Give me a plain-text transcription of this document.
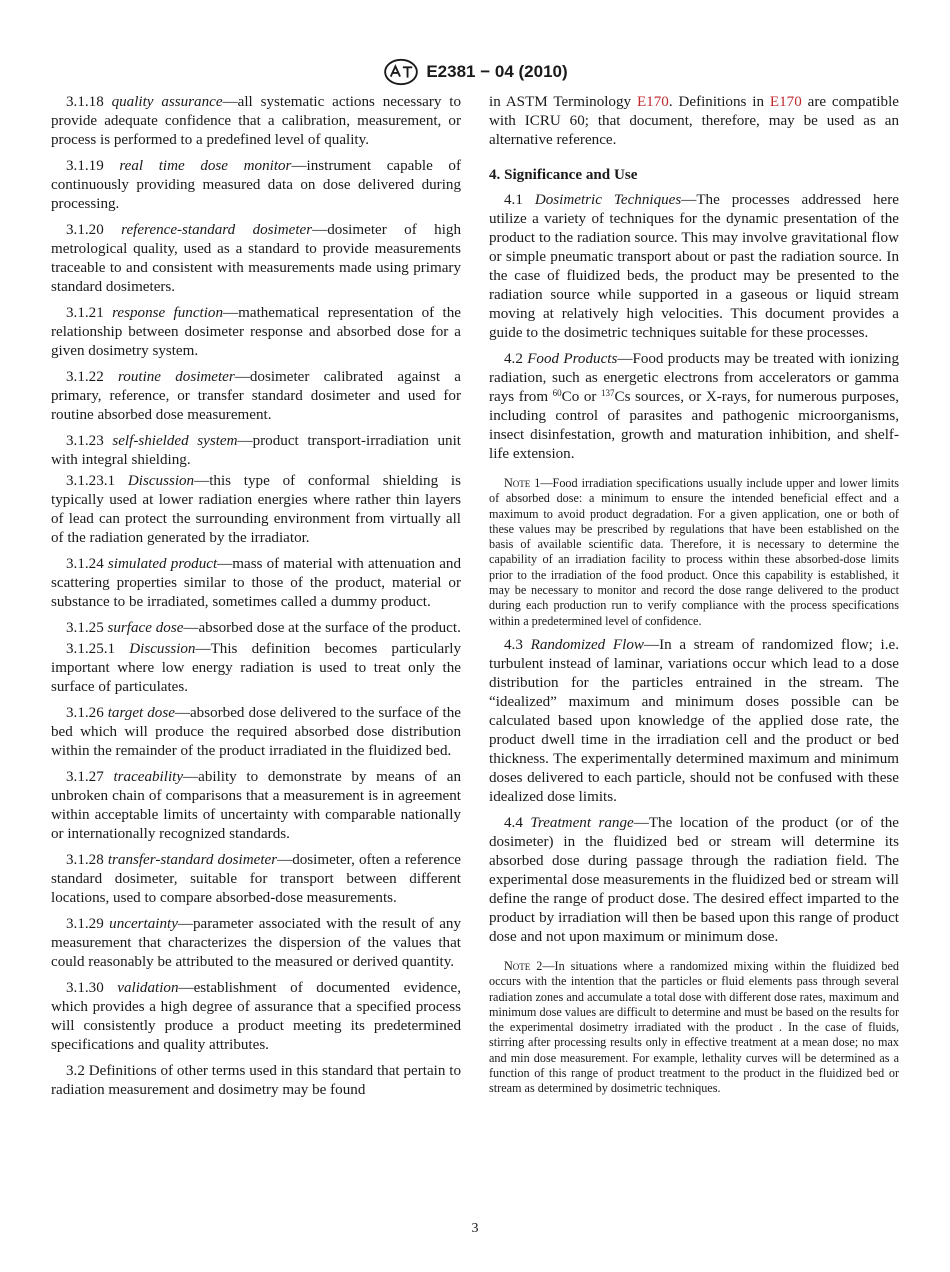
E2381 − 04 (2010)

3.1.18 quality assurance—all systematic actions necessary to provide adequate confidence that a calibration, measurement, or process is performed to a predefined level of quality.

3.1.19 real time dose monitor—instrument capable of continuously providing measured data on dose delivered during processing.

3.1.20 reference-standard dosimeter—dosimeter of high metrological quality, used as a standard to provide measurements traceable to and consistent with measurements made using primary standard dosimeters.

3.1.21 response function—mathematical representation of the relationship between dosimeter response and absorbed dose for a given dosimetry system.

3.1.22 routine dosimeter—dosimeter calibrated against a primary, reference, or transfer standard dosimeter and used for routine absorbed dose measurement.

3.1.23 self-shielded system—product transport-irradiation unit with integral shielding.

3.1.23.1 Discussion—this type of conformal shielding is typically used at lower radiation energies where rather thin layers of lead can protect the surrounding environment from virtually all of the radiation generated by the irradiator.

3.1.24 simulated product—mass of material with attenuation and scattering properties similar to those of the product, material or substance to be irradiated, sometimes called a dummy product.

3.1.25 surface dose—absorbed dose at the surface of the product.

3.1.25.1 Discussion—This definition becomes particularly important where low energy radiation is used to treat only the surface of particulates.

3.1.26 target dose—absorbed dose delivered to the surface of the bed which will produce the required absorbed dose distribution within the remainder of the product irradiated in the fluidized bed.

3.1.27 traceability—ability to demonstrate by means of an unbroken chain of comparisons that a measurement is in agreement within acceptable limits of uncertainty with comparable nationally or internationally recognized standards.

3.1.28 transfer-standard dosimeter—dosimeter, often a reference standard dosimeter, suitable for transport between different locations, used to compare absorbed-dose measurements.

3.1.29 uncertainty—parameter associated with the result of any measurement that characterizes the dispersion of the values that could reasonably be attributed to the measured or derived quantity.

3.1.30 validation—establishment of documented evidence, which provides a high degree of assurance that a specified process will consistently produce a product meeting its predetermined specifications and quality attributes.

3.2 Definitions of other terms used in this standard that pertain to radiation measurement and dosimetry may be found

in ASTM Terminology E170. Definitions in E170 are compatible with ICRU 60; that document, therefore, may be used as an alternative reference.

4. Significance and Use

4.1 Dosimetric Techniques—The processes addressed here utilize a variety of techniques for the dynamic presentation of the product to the radiation source. This may involve gravitational flow or simple pneumatic transport about or past the radiation source. In the case of fluidized beds, the product may be presented to the radiation source while supported in a gaseous or liquid stream moving at relatively high velocities. This document provides a guide to the dosimetric techniques suitable for these processes.

4.2 Food Products—Food products may be treated with ionizing radiation, such as energetic electrons from accelerators or gamma rays from $^{60}$Co or $^{137}$Cs sources, or X-rays, for numerous purposes, including control of parasites and pathogenic microorganisms, insect disinfestation, growth and maturation inhibition, and shelf-life extension.

Note 1—Food irradiation specifications usually include upper and lower limits of absorbed dose: a minimum to ensure the intended beneficial effect and a maximum to avoid product degradation. For a given application, one or both of these values may be prescribed by regulations that have been established on the basis of available scientific data. Therefore, it is necessary to determine the capability of an irradiation facility to process within these absorbed-dose limits prior to the irradiation of the food product. Once this capability is established, it may be necessary to monitor and record the dose range delivered to the product during each production run to verify compliance with the process specifications within a predetermined level of confidence.

4.3 Randomized Flow—In a stream of randomized flow; i.e. turbulent instead of laminar, variations occur which lead to a dose distribution for the particles entrained in the stream. The “idealized” maximum and minimum doses possible can be calculated based upon knowledge of the applied dose rate, the product dwell time in the irradiation cell and the product or bed thickness. The experimentally determined maximum and minimum doses delivered to each particle, should not be confused with these idealized dose limits.

4.4 Treatment range—The location of the product (or of the dosimeter) in the fluidized bed or stream will determine its absorbed dose during passage through the radiation field. The experimental dose measurements in the fluidized bed or stream will define the range of product dose. The desired effect imparted to the product by irradiation will then be based upon this range of product dose and not upon maximum or minimum dose.

Note 2—In situations where a randomized mixing within the fluidized bed occurs with the intention that the particles or fluid elements pass through several radiation zones and accumulate a total dose with different dose rates, maximum and minimum dose values are difficult to determine and must be based on the results for the experimental dosimetry irradiated with the product . In the case of fluids, stirring after processing results only in effective treatment at a mean dose; no max and min dose measurement. For example, lethality curves will be determined as a function of this range of product treatment to the product in the fluidized bed or stream as determined by dosimetric techniques.

3
